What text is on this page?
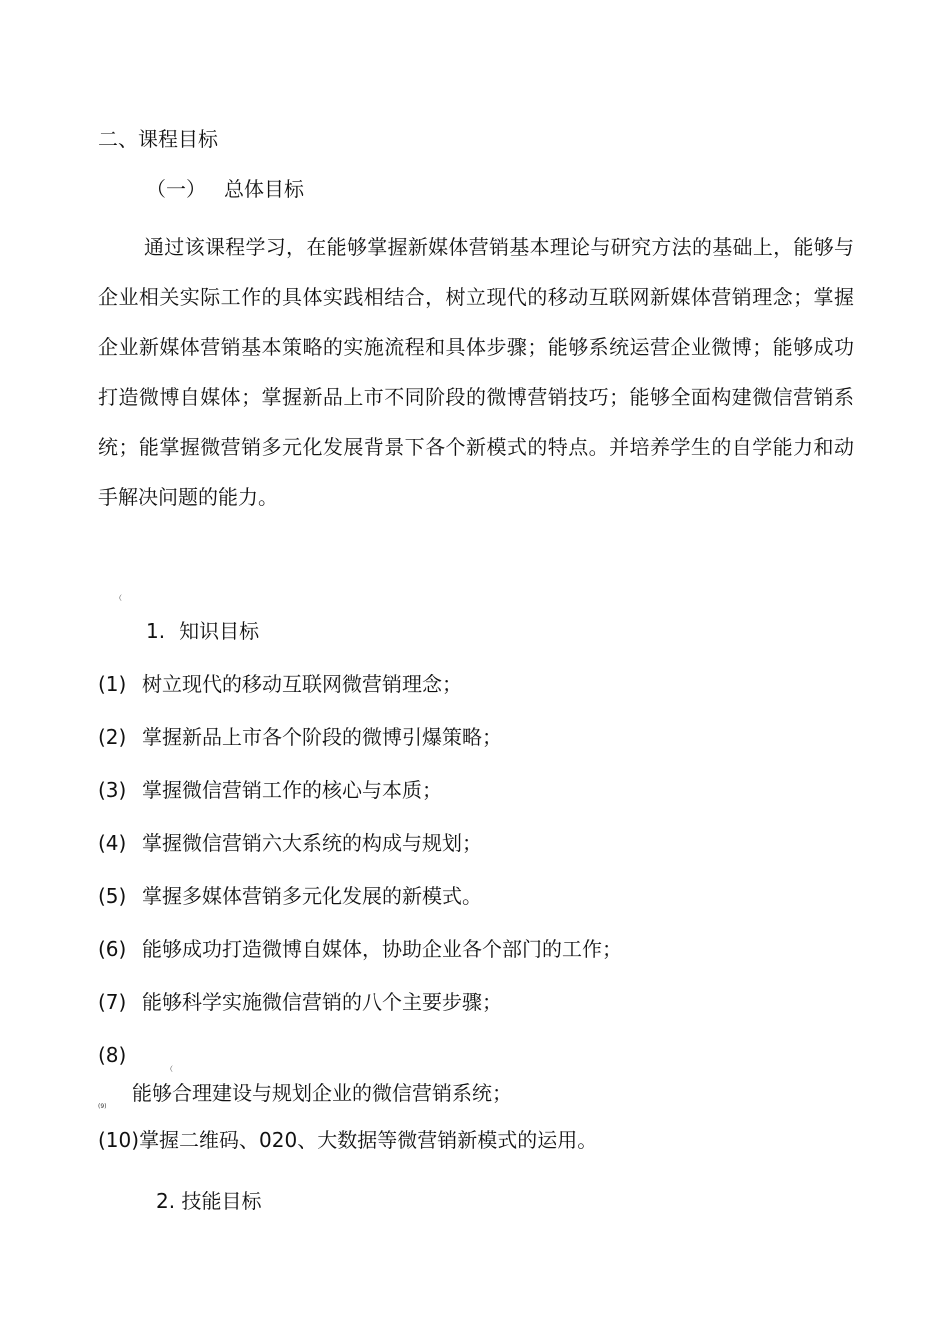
二、课程目标
（一） 总体目标

通过该课程学习，在能够掌握新媒体营销基本理论与研究方法的基础上，能够与企业相关实际工作的具体实践相结合，树立现代的移动互联网新媒体营销理念；掌握企业新媒体营销基本策略的实施流程和具体步骤；能够系统运营企业微博；能够成功打造微博自媒体；掌握新品上市不同阶段的微博营销技巧；能够全面构建微信营销系统；能掌握微营销多元化发展背景下各个新模式的特点。并培养学生的自学能力和动手解决问题的能力。

（
1. 知识目标
(1) 树立现代的移动互联网微营销理念；
(2) 掌握新品上市各个阶段的微博引爆策略；
(3) 掌握微信营销工作的核心与本质；
(4) 掌握微信营销六大系统的构成与规划；
(5) 掌握多媒体营销多元化发展的新模式。
(6) 能够成功打造微博自媒体，协助企业各个部门的工作；
(7) 能够科学实施微信营销的八个主要步骤；
(8)
（
(9)
能够合理建设与规划企业的微信营销系统；
(10)掌握二维码、020、大数据等微营销新模式的运用。
2. 技能目标
